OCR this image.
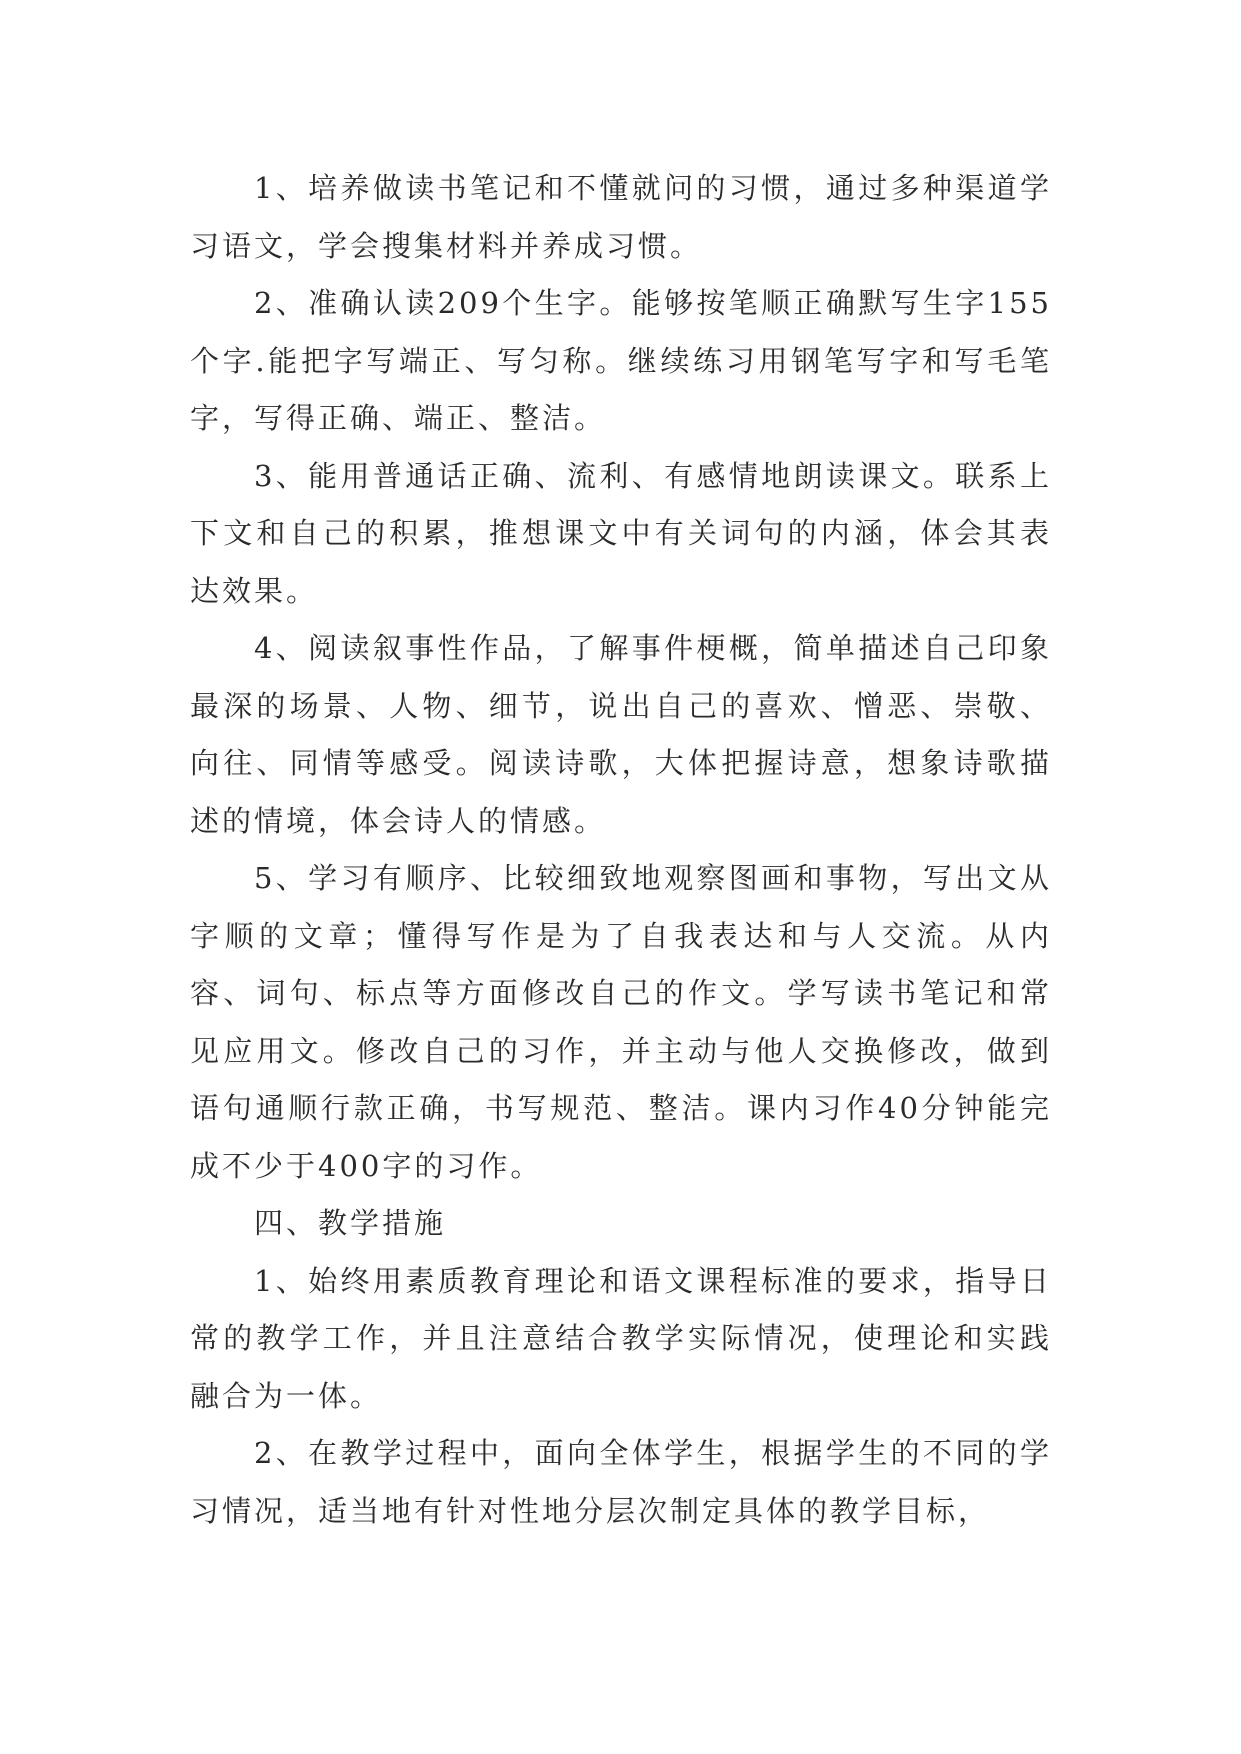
1、培养做读书笔记和不懂就问的习惯，通过多种渠道学习语文，学会搜集材料并养成习惯。

2、准确认读209个生字。能够按笔顺正确默写生字155个字.能把字写端正、写匀称。继续练习用钢笔写字和写毛笔字，写得正确、端正、整洁。

3、能用普通话正确、流利、有感情地朗读课文。联系上下文和自己的积累，推想课文中有关词句的内涵，体会其表达效果。

4、阅读叙事性作品，了解事件梗概，简单描述自己印象最深的场景、人物、细节，说出自己的喜欢、憎恶、崇敬、向往、同情等感受。阅读诗歌，大体把握诗意，想象诗歌描述的情境，体会诗人的情感。

5、学习有顺序、比较细致地观察图画和事物，写出文从字顺的文章；懂得写作是为了自我表达和与人交流。从内容、词句、标点等方面修改自己的作文。学写读书笔记和常见应用文。修改自己的习作，并主动与他人交换修改，做到语句通顺行款正确，书写规范、整洁。课内习作40分钟能完成不少于400字的习作。

四、教学措施

1、始终用素质教育理论和语文课程标准的要求，指导日常的教学工作，并且注意结合教学实际情况，使理论和实践融合为一体。

2、在教学过程中，面向全体学生，根据学生的不同的学习情况，适当地有针对性地分层次制定具体的教学目标，
